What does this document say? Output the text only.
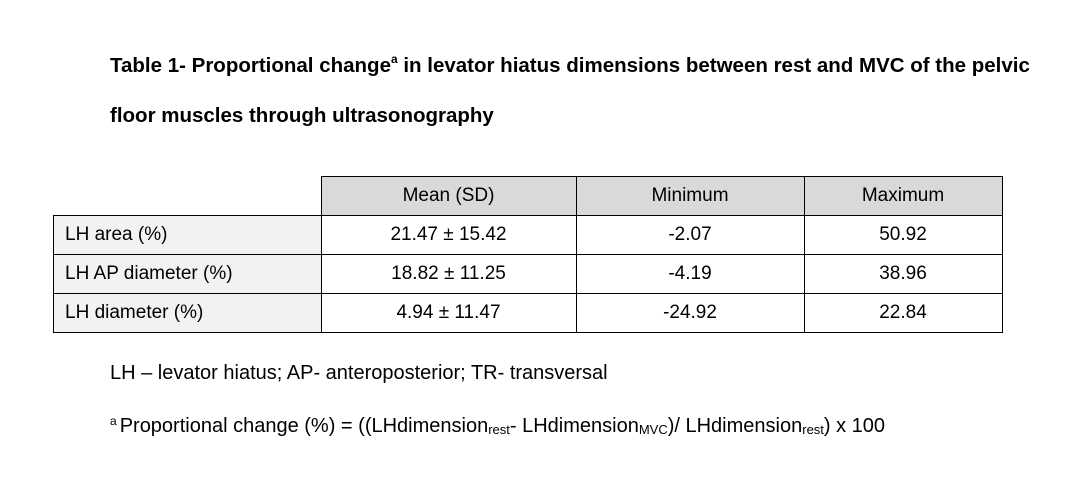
Table 1- Proportional change$^a$ in levator hiatus dimensions between rest and MVC of the pelvic floor muscles through ultrasonography

	Mean (SD)	Minimum	Maximum
LH area (%)	21.47 ± 15.42	-2.07	50.92
LH AP diameter (%)	18.82 ± 11.25	-4.19	38.96
LH diameter (%)	4.94 ± 11.47	-24.92	22.84

LH – levator hiatus; AP- anteroposterior; TR- transversal

$^a$ Proportional change (%) = ((LHdimensionrest- LHdimensionMVC)/ LHdimensionrest) x 100
